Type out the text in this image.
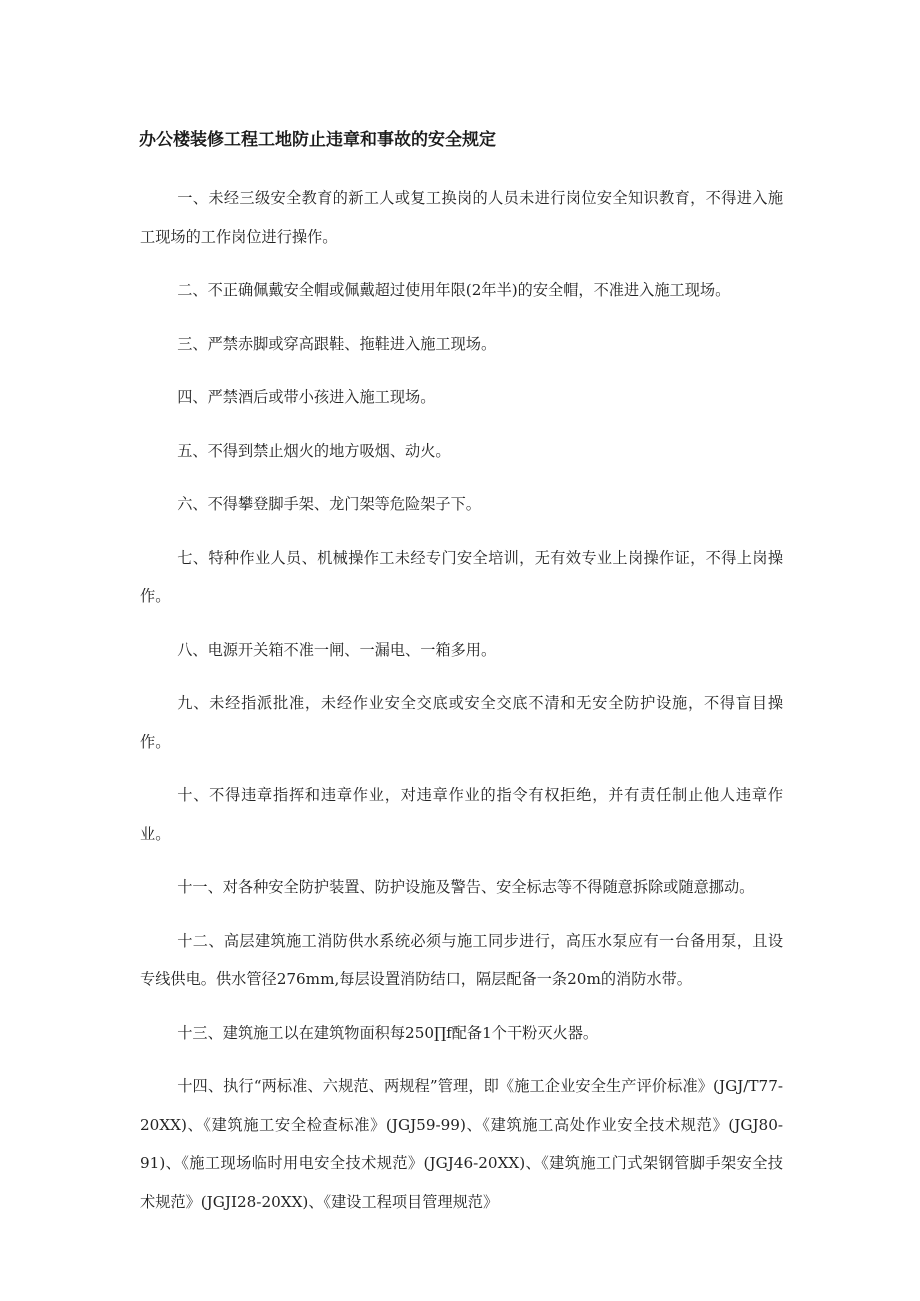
办公楼装修工程工地防止违章和事故的安全规定

一、未经三级安全教育的新工人或复工换岗的人员未进行岗位安全知识教育，不得进入施工现场的工作岗位进行操作。

二、不正确佩戴安全帽或佩戴超过使用年限(2年半)的安全帽，不准进入施工现场。

三、严禁赤脚或穿高跟鞋、拖鞋进入施工现场。

四、严禁酒后或带小孩进入施工现场。

五、不得到禁止烟火的地方吸烟、动火。

六、不得攀登脚手架、龙门架等危险架子下。

七、特种作业人员、机械操作工未经专门安全培训，无有效专业上岗操作证，不得上岗操作。

八、电源开关箱不准一闸、一漏电、一箱多用。

九、未经指派批准，未经作业安全交底或安全交底不清和无安全防护设施，不得盲目操作。

十、不得违章指挥和违章作业，对违章作业的指令有权拒绝，并有责任制止他人违章作业。

十一、对各种安全防护装置、防护设施及警告、安全标志等不得随意拆除或随意挪动。

十二、高层建筑施工消防供水系统必须与施工同步进行，高压水泵应有一台备用泵，且设专线供电。供水管径276mm,每层设置消防结口，隔层配备一条20m的消防水带。

十三、建筑施工以在建筑物面积每250∏f配备1个干粉灭火器。

十四、执行“两标准、六规范、两规程”管理，即《施工企业安全生产评价标准》(JGJ/T77-20XX)、《建筑施工安全检查标准》(JGJ59-99)、《建筑施工高处作业安全技术规范》(JGJ80-91)、《施工现场临时用电安全技术规范》(JGJ46-20XX)、《建筑施工门式架钢管脚手架安全技术规范》(JGJI28-20XX)、《建设工程项目管理规范》
